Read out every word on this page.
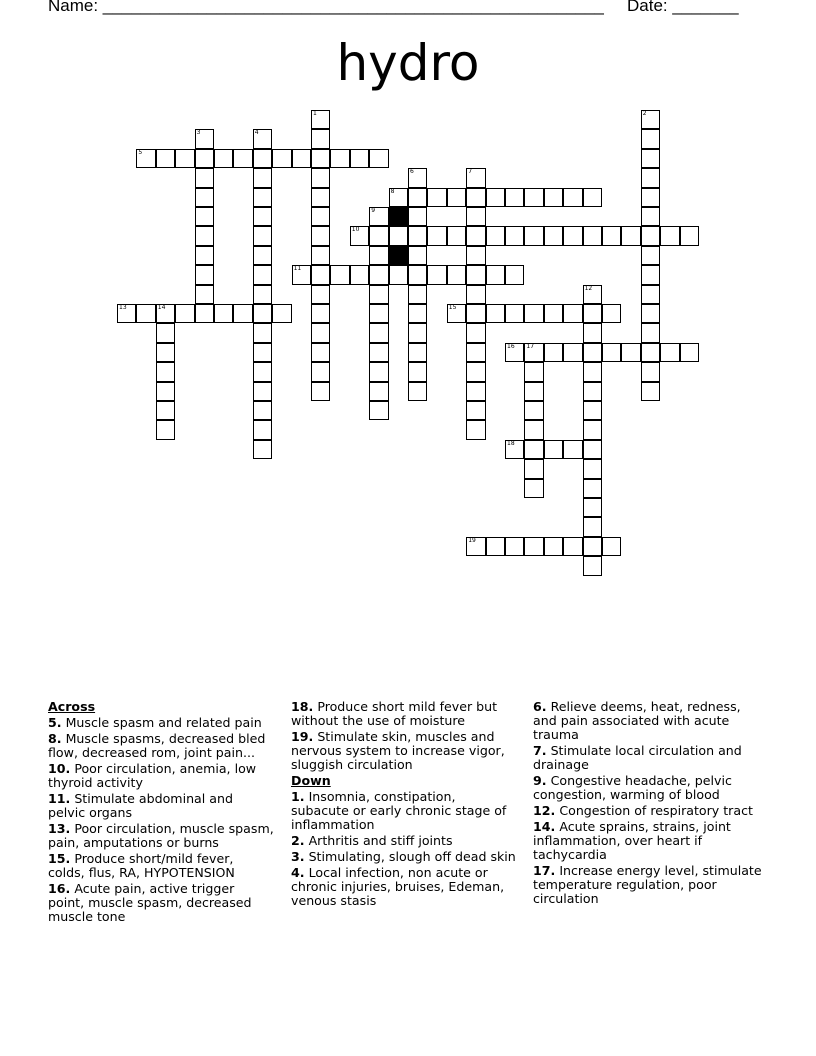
Name: _____________________________________________________ Date: _______
hydro
1	2
3	4
5
6	7
8
9
10
11
12
13	14	15
16 17
18
19
Across
5. Muscle spasm and related pain
8. Muscle spasms, decreased bled flow, decreased rom, joint pain...
10. Poor circulation, anemia, low thyroid activity
11. Stimulate abdominal and pelvic organs
13. Poor circulation, muscle spasm, pain, amputations or burns
15. Produce short/mild fever, colds, flus, RA, HYPOTENSION
16. Acute pain, active trigger point, muscle spasm, decreased muscle tone
18. Produce short mild fever but without the use of moisture
19. Stimulate skin, muscles and nervous system to increase vigor, sluggish circulation
Down
1. Insomnia, constipation, subacute or early chronic stage of inflammation
2. Arthritis and stiff joints
3. Stimulating, slough off dead skin
4. Local infection, non acute or chronic injuries, bruises, Edeman, venous stasis
6. Relieve deems, heat, redness, and pain associated with acute trauma
7. Stimulate local circulation and drainage
9. Congestive headache, pelvic congestion, warming of blood
12. Congestion of respiratory tract
14. Acute sprains, strains, joint inflammation, over heart if tachycardia
17. Increase energy level, stimulate temperature regulation, poor circulation
